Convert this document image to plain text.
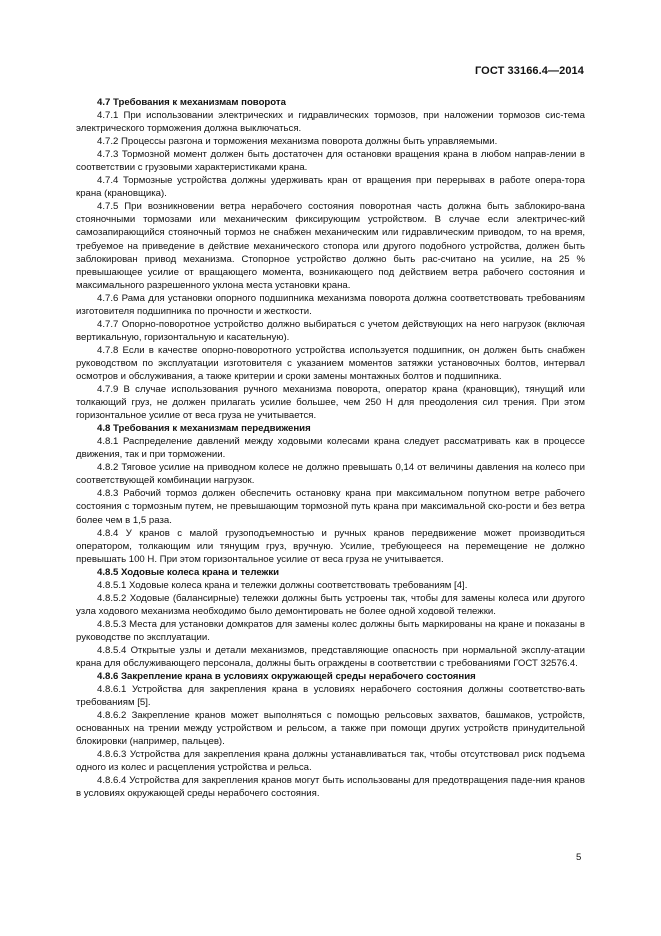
ГОСТ 33166.4—2014

4.7 Требования к механизмам поворота

4.7.1 При использовании электрических и гидравлических тормозов, при наложении тормозов сис-тема электрического торможения должна выключаться.

4.7.2 Процессы разгона и торможения механизма поворота должны быть управляемыми.

4.7.3 Тормозной момент должен быть достаточен для остановки вращения крана в любом направ-лении в соответствии с грузовыми характеристиками крана.

4.7.4 Тормозные устройства должны удерживать кран от вращения при перерывах в работе опера-тора крана (крановщика).

4.7.5 При возникновении ветра нерабочего состояния поворотная часть должна быть заблокиро-вана стояночными тормозами или механическим фиксирующим устройством. В случае если электричес-кий самозапирающийся стояночный тормоз не снабжен механическим или гидравлическим приводом, то на время, требуемое на приведение в действие механического стопора или другого подобного устройства, должен быть заблокирован привод механизма. Стопорное устройство должно быть рас-считано на усилие, на 25 % превышающее усилие от вращающего момента, возникающего под действием ветра рабочего состояния и максимального разрешенного уклона места установки крана.

4.7.6 Рама для установки опорного подшипника механизма поворота должна соответствовать требованиям изготовителя подшипника по прочности и жесткости.

4.7.7 Опорно-поворотное устройство должно выбираться с учетом действующих на него нагрузок (включая вертикальную, горизонтальную и касательную).

4.7.8 Если в качестве опорно-поворотного устройства используется подшипник, он должен быть снабжен руководством по эксплуатации изготовителя с указанием моментов затяжки установочных болтов, интервал осмотров и обслуживания, а также критерии и сроки замены монтажных болтов и подшипника.

4.7.9 В случае использования ручного механизма поворота, оператор крана (крановщик), тянущий или толкающий груз, не должен прилагать усилие большее, чем 250 Н для преодоления сил трения. При этом горизонтальное усилие от веса груза не учитывается.

4.8 Требования к механизмам передвижения

4.8.1 Распределение давлений между ходовыми колесами крана следует рассматривать как в процессе движения, так и при торможении.

4.8.2 Тяговое усилие на приводном колесе не должно превышать 0,14 от величины давления на колесо при соответствующей комбинации нагрузок.

4.8.3 Рабочий тормоз должен обеспечить остановку крана при максимальном попутном ветре рабочего состояния с тормозным путем, не превышающим тормозной путь крана при максимальной ско-рости и без ветра более чем в 1,5 раза.

4.8.4 У кранов с малой грузоподъемностью и ручных кранов передвижение может производиться оператором, толкающим или тянущим груз, вручную. Усилие, требующееся на перемещение не должно превышать 100 Н. При этом горизонтальное усилие от веса груза не учитывается.

4.8.5 Ходовые колеса крана и тележки

4.8.5.1 Ходовые колеса крана и тележки должны соответствовать требованиям [4].

4.8.5.2 Ходовые (балансирные) тележки должны быть устроены так, чтобы для замены колеса или другого узла ходового механизма необходимо было демонтировать не более одной ходовой тележки.

4.8.5.3 Места для установки домкратов для замены колес должны быть маркированы на кране и показаны в руководстве по эксплуатации.

4.8.5.4 Открытые узлы и детали механизмов, представляющие опасность при нормальной эксплу-атации крана для обслуживающего персонала, должны быть ограждены в соответствии с требованиями ГОСТ 32576.4.

4.8.6 Закрепление крана в условиях окружающей среды нерабочего состояния

4.8.6.1 Устройства для закрепления крана в условиях нерабочего состояния должны соответство-вать требованиям [5].

4.8.6.2 Закрепление кранов может выполняться с помощью рельсовых захватов, башмаков, устройств, основанных на трении между устройством и рельсом, а также при помощи других устройств принудительной блокировки (например, пальцев).

4.8.6.3 Устройства для закрепления крана должны устанавливаться так, чтобы отсутствовал риск подъема одного из колес и расцепления устройства и рельса.

4.8.6.4 Устройства для закрепления кранов могут быть использованы для предотвращения паде-ния кранов в условиях окружающей среды нерабочего состояния.

5
